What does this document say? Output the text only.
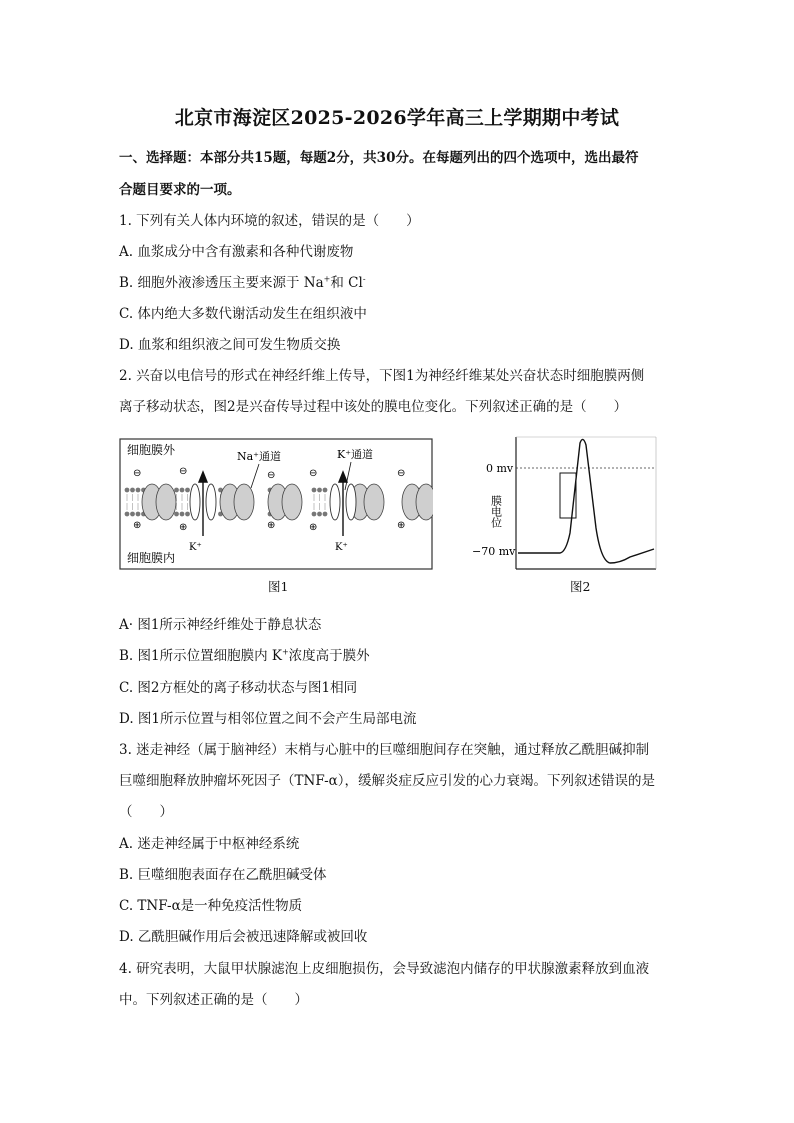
北京市海淀区2025-2026学年高三上学期期中考试
一、选择题：本部分共15题，每题2分，共30分。在每题列出的四个选项中，选出最符
合题目要求的一项。
1. 下列有关人体内环境的叙述，错误的是（　　）
A. 血浆成分中含有激素和各种代谢废物
B. 细胞外液渗透压主要来源于 Na+和 Cl-
C. 体内绝大多数代谢活动发生在组织液中
D. 血浆和组织液之间可发生物质交换
2. 兴奋以电信号的形式在神经纤维上传导，下图1为神经纤维某处兴奋状态时细胞膜两侧
离子移动状态，图2是兴奋传导过程中该处的膜电位变化。下列叙述正确的是（　　）
⊖	⊖	⊖	⊖	⊖
⊕	⊕	⊕	⊕	⊕
细胞膜外
细胞膜内
Na⁺通道	K⁺通道
K⁺	K⁺
图1
0 mv
−70 mv
膜电位
图2
A· 图1所示神经纤维处于静息状态
B. 图1所示位置细胞膜内 K+浓度高于膜外
C. 图2方框处的离子移动状态与图1相同
D. 图1所示位置与相邻位置之间不会产生局部电流
3. 迷走神经（属于脑神经）末梢与心脏中的巨噬细胞间存在突触，通过释放乙酰胆碱抑制
巨噬细胞释放肿瘤坏死因子（TNF-α），缓解炎症反应引发的心力衰竭。下列叙述错误的是
（　　）
A. 迷走神经属于中枢神经系统
B. 巨噬细胞表面存在乙酰胆碱受体
C. TNF-α是一种免疫活性物质
D. 乙酰胆碱作用后会被迅速降解或被回收
4. 研究表明，大鼠甲状腺滤泡上皮细胞损伤，会导致滤泡内储存的甲状腺激素释放到血液
中。下列叙述正确的是（　　）
